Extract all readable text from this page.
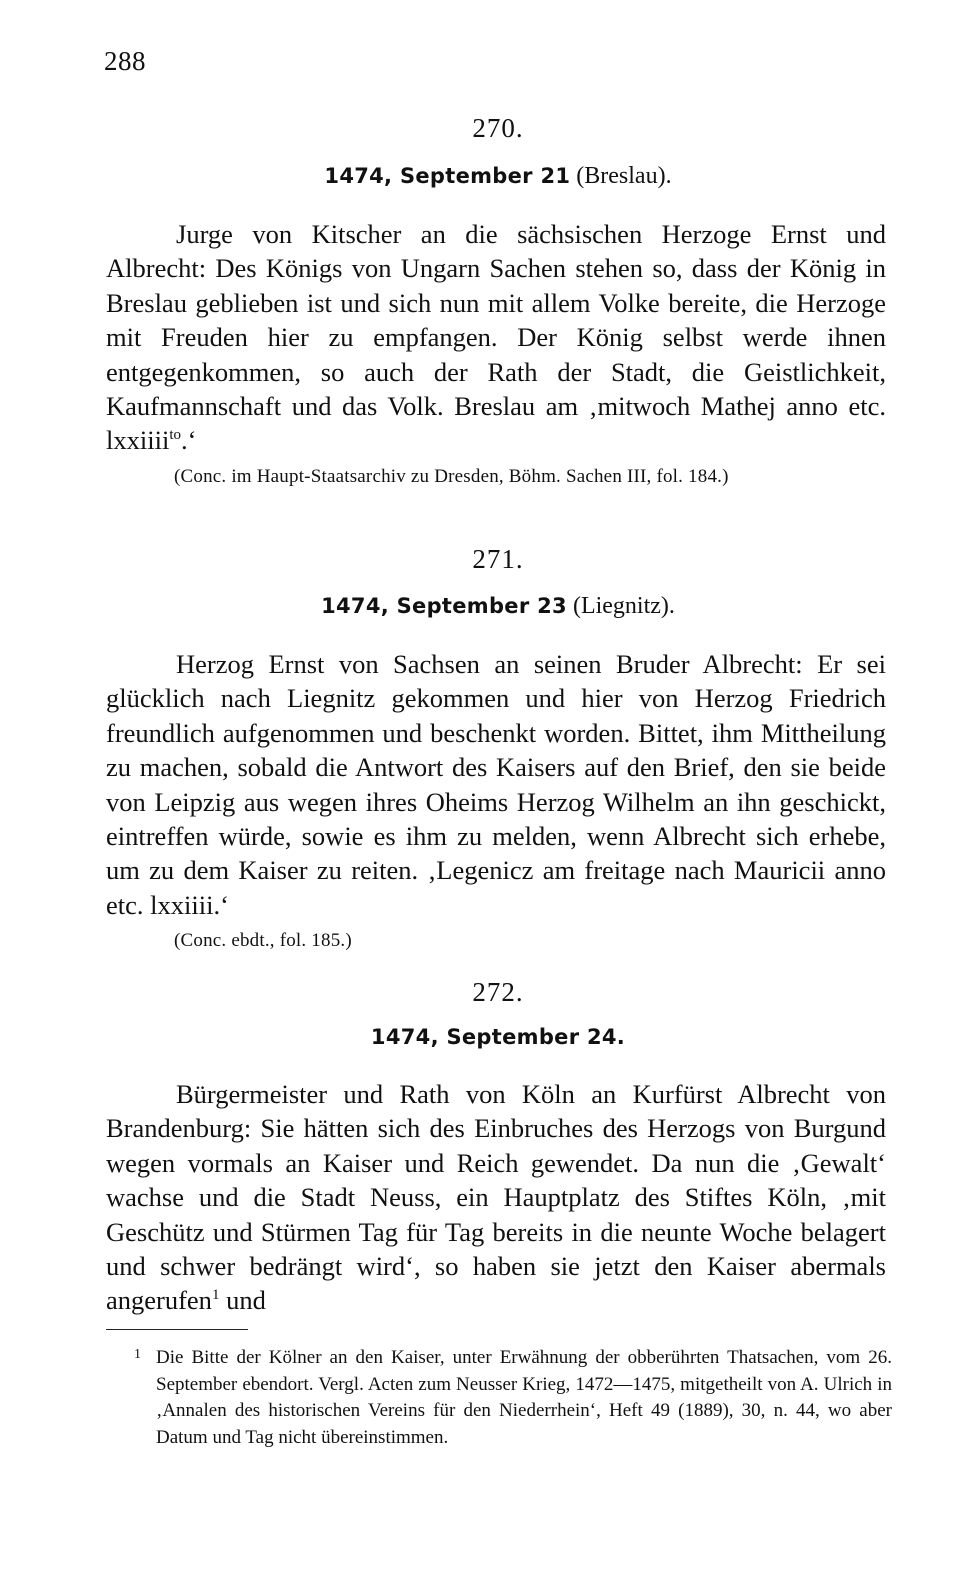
288
270.
1474, September 21 (Breslau).
Jurge von Kitscher an die sächsischen Herzoge Ernst und Albrecht: Des Königs von Ungarn Sachen stehen so, dass der König in Breslau geblieben ist und sich nun mit allem Volke bereite, die Herzoge mit Freuden hier zu empfangen. Der König selbst werde ihnen entgegenkommen, so auch der Rath der Stadt, die Geistlichkeit, Kaufmannschaft und das Volk. Breslau am ‚mitwoch Mathej anno etc. lxxiiii$^{to}$.‘
(Conc. im Haupt-Staatsarchiv zu Dresden, Böhm. Sachen III, fol. 184.)
271.
1474, September 23 (Liegnitz).
Herzog Ernst von Sachsen an seinen Bruder Albrecht: Er sei glücklich nach Liegnitz gekommen und hier von Herzog Friedrich freundlich aufgenommen und beschenkt worden. Bittet, ihm Mittheilung zu machen, sobald die Antwort des Kaisers auf den Brief, den sie beide von Leipzig aus wegen ihres Oheims Herzog Wilhelm an ihn geschickt, eintreffen würde, sowie es ihm zu melden, wenn Albrecht sich erhebe, um zu dem Kaiser zu reiten. ‚Legenicz am freitage nach Mauricii anno etc. lxxiiii.‘
(Conc. ebdt., fol. 185.)
272.
1474, September 24.
Bürgermeister und Rath von Köln an Kurfürst Albrecht von Brandenburg: Sie hätten sich des Einbruches des Herzogs von Burgund wegen vormals an Kaiser und Reich gewendet. Da nun die ‚Gewalt‘ wachse und die Stadt Neuss, ein Hauptplatz des Stiftes Köln, ‚mit Geschütz und Stürmen Tag für Tag bereits in die neunte Woche belagert und schwer bedrängt wird‘, so haben sie jetzt den Kaiser abermals angerufen$^1$ und
1 Die Bitte der Kölner an den Kaiser, unter Erwähnung der obberührten Thatsachen, vom 26. September ebendort. Vergl. Acten zum Neusser Krieg, 1472—1475, mitgetheilt von A. Ulrich in ‚Annalen des historischen Vereins für den Niederrhein‘, Heft 49 (1889), 30, n. 44, wo aber Datum und Tag nicht übereinstimmen.
